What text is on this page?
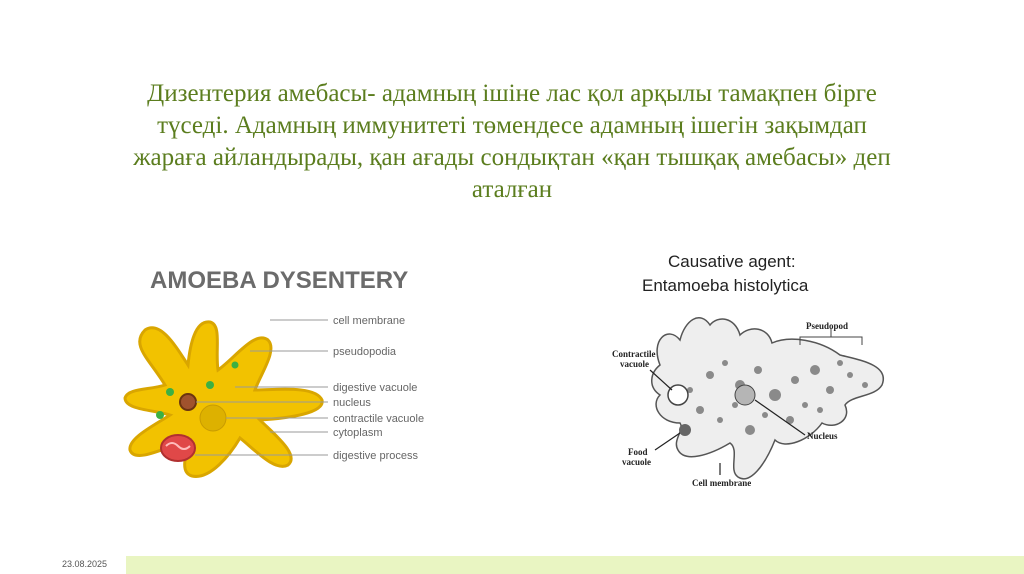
Дизентерия амебасы- адамның ішіне лас қол арқылы тамақпен бірге
түседі. Адамның иммунитеті төмендесе адамның ішегін зақымдап
жараға айландырады, қан ағады сондықтан «қан тышқақ амебасы» деп
аталған
AMOEBA DYSENTERY
cell membrane
pseudopodia
digestive vacuole
nucleus
contractile vacuole
cytoplasm
digestive process
Causative agent:
Entamoeba histolytica
Pseudopod
Contractile
vacuole
Nucleus
Food
vacuole
Cell membrane
23.08.2025
